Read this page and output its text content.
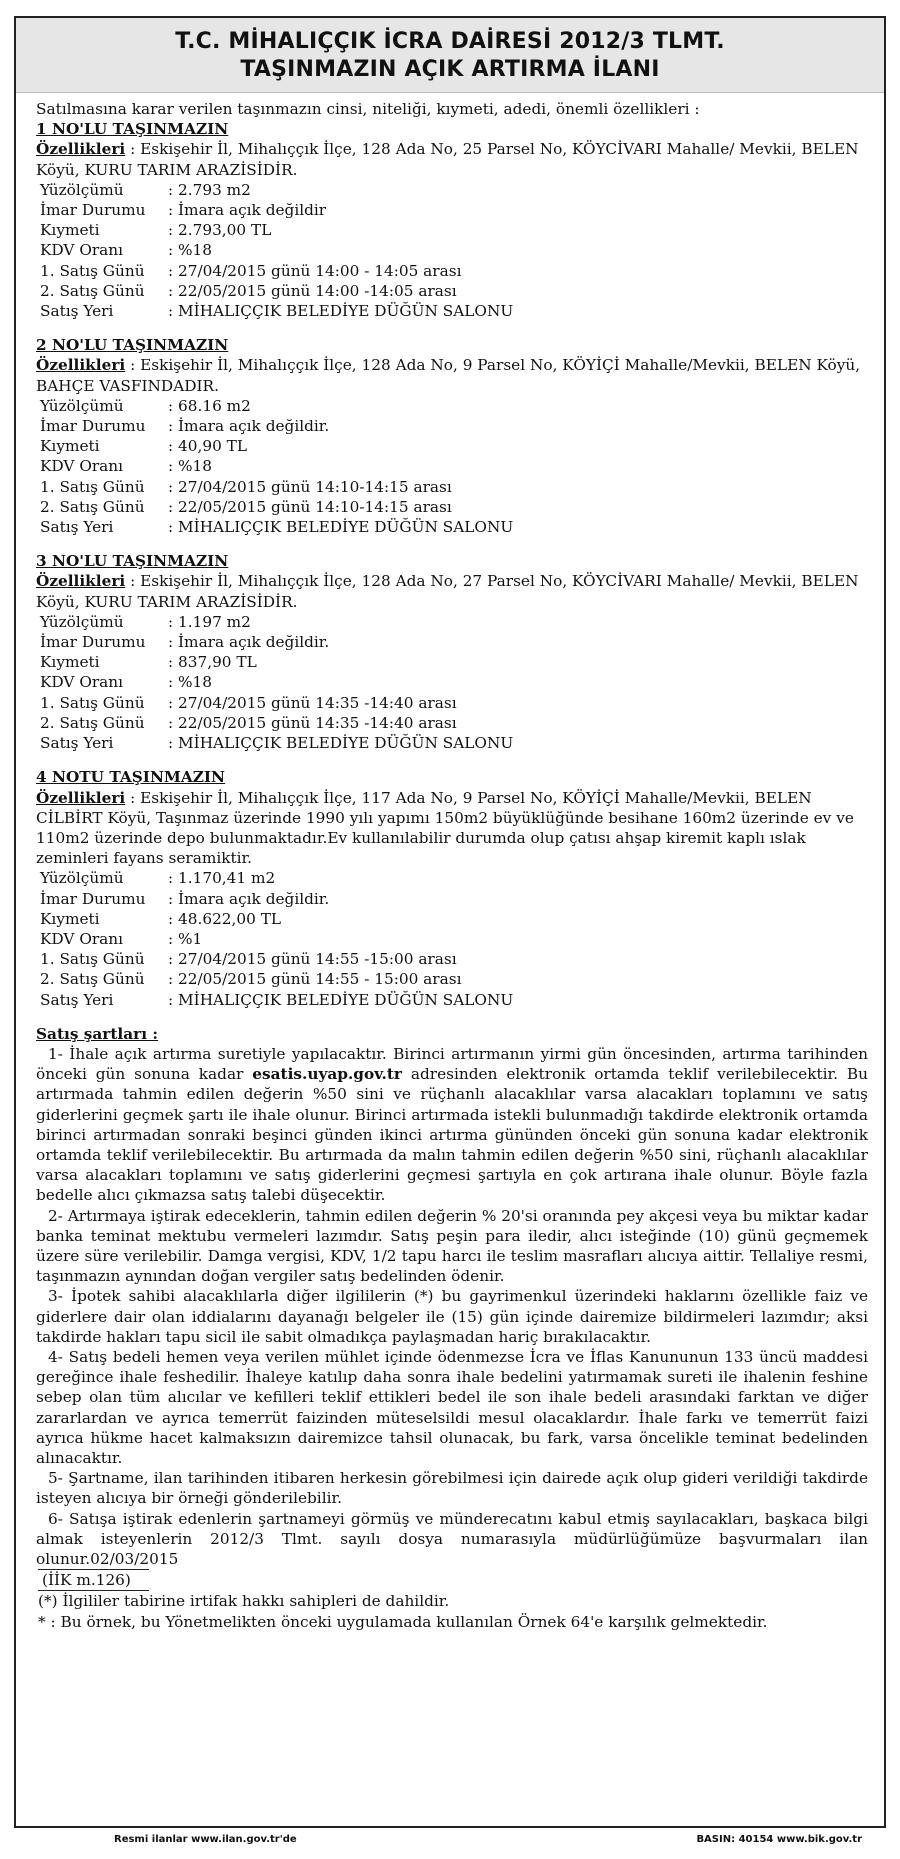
T.C. MİHALIÇÇIK İCRA DAİRESİ 2012/3 TLMT.
TAŞINMAZIN AÇIK ARTIRMA İLANI

Satılmasına karar verilen taşınmazın cinsi, niteliği, kıymeti, adedi, önemli özellikleri :

1 NO'LU TAŞINMAZIN

Özellikleri : Eskişehir İl, Mihalıççık İlçe, 128 Ada No, 25 Parsel No, KÖYCİVARI Mahalle/ Mevkii, BELEN Köyü, KURU TARIM ARAZİSİDİR.

Yüzölçümü	: 2.793 m2
İmar Durumu	: İmara açık değildir
Kıymeti	: 2.793,00 TL
KDV Oranı	: %18
1. Satış Günü	: 27/04/2015 günü 14:00 - 14:05 arası
2. Satış Günü	: 22/05/2015 günü 14:00 -14:05 arası
Satış Yeri	: MİHALIÇÇIK BELEDİYE DÜĞÜN SALONU
2 NO'LU TAŞINMAZIN

Özellikleri : Eskişehir İl, Mihalıççık İlçe, 128 Ada No, 9 Parsel No, KÖYİÇİ Mahalle/Mevkii, BELEN Köyü, BAHÇE VASFINDADIR.

Yüzölçümü	: 68.16 m2
İmar Durumu	: İmara açık değildir.
Kıymeti	: 40,90 TL
KDV Oranı	: %18
1. Satış Günü	: 27/04/2015 günü 14:10-14:15 arası
2. Satış Günü	: 22/05/2015 günü 14:10-14:15 arası
Satış Yeri	: MİHALIÇÇIK BELEDİYE DÜĞÜN SALONU
3 NO'LU TAŞINMAZIN

Özellikleri : Eskişehir İl, Mihalıççık İlçe, 128 Ada No, 27 Parsel No, KÖYCİVARI Mahalle/ Mevkii, BELEN Köyü, KURU TARIM ARAZİSİDİR.

Yüzölçümü	: 1.197 m2
İmar Durumu	: İmara açık değildir.
Kıymeti	: 837,90 TL
KDV Oranı	: %18
1. Satış Günü	: 27/04/2015 günü 14:35 -14:40 arası
2. Satış Günü	: 22/05/2015 günü 14:35 -14:40 arası
Satış Yeri	: MİHALIÇÇIK BELEDİYE DÜĞÜN SALONU
4 NOTU TAŞINMAZIN

Özellikleri : Eskişehir İl, Mihalıççık İlçe, 117 Ada No, 9 Parsel No, KÖYİÇİ Mahalle/Mevkii, BELEN CİLBİRT Köyü, Taşınmaz üzerinde 1990 yılı yapımı 150m2 büyüklüğünde besihane 160m2 üzerinde ev ve 110m2 üzerinde depo bulunmaktadır.Ev kullanılabilir durumda olup çatısı ahşap kiremit kaplı ıslak zeminleri fayans seramiktir.

Yüzölçümü	: 1.170,41 m2
İmar Durumu	: İmara açık değildir.
Kıymeti	: 48.622,00 TL
KDV Oranı	: %1
1. Satış Günü	: 27/04/2015 günü 14:55 -15:00 arası
2. Satış Günü	: 22/05/2015 günü 14:55 - 15:00 arası
Satış Yeri	: MİHALIÇÇIK BELEDİYE DÜĞÜN SALONU
Satış şartları :

1- İhale açık artırma suretiyle yapılacaktır. Birinci artırmanın yirmi gün öncesinden, artırma tarihinden önceki gün sonuna kadar esatis.uyap.gov.tr adresinden elektronik ortamda teklif verilebilecektir. Bu artırmada tahmin edilen değerin %50 sini ve rüçhanlı alacaklılar varsa alacakları toplamını ve satış giderlerini geçmek şartı ile ihale olunur. Birinci artırmada istekli bulunmadığı takdirde elektronik ortamda birinci artırmadan sonraki beşinci günden ikinci artırma gününden önceki gün sonuna kadar elektronik ortamda teklif verilebilecektir. Bu artırmada da malın tahmin edilen değerin %50 sini, rüçhanlı alacaklılar varsa alacakları toplamını ve satış giderlerini geçmesi şartıyla en çok artırana ihale olunur. Böyle fazla bedelle alıcı çıkmazsa satış talebi düşecektir.

2- Artırmaya iştirak edeceklerin, tahmin edilen değerin % 20'si oranında pey akçesi veya bu miktar kadar banka teminat mektubu vermeleri lazımdır. Satış peşin para iledir, alıcı isteğinde (10) günü geçmemek üzere süre verilebilir. Damga vergisi, KDV, 1/2 tapu harcı ile teslim masrafları alıcıya aittir. Tellaliye resmi, taşınmazın aynından doğan vergiler satış bedelinden ödenir.

3- İpotek sahibi alacaklılarla diğer ilgililerin (*) bu gayrimenkul üzerindeki haklarını özellikle faiz ve giderlere dair olan iddialarını dayanağı belgeler ile (15) gün içinde dairemize bildirmeleri lazımdır; aksi takdirde hakları tapu sicil ile sabit olmadıkça paylaşmadan hariç bırakılacaktır.

4- Satış bedeli hemen veya verilen mühlet içinde ödenmezse İcra ve İflas Kanununun 133 üncü maddesi gereğince ihale feshedilir. İhaleye katılıp daha sonra ihale bedelini yatırmamak sureti ile ihalenin feshine sebep olan tüm alıcılar ve kefilleri teklif ettikleri bedel ile son ihale bedeli arasındaki farktan ve diğer zararlardan ve ayrıca temerrüt faizinden müteselsildi mesul olacaklardır. İhale farkı ve temerrüt faizi ayrıca hükme hacet kalmaksızın dairemizce tahsil olunacak, bu fark, varsa öncelikle teminat bedelinden alınacaktır.

5- Şartname, ilan tarihinden itibaren herkesin görebilmesi için dairede açık olup gideri verildiği takdirde isteyen alıcıya bir örneği gönderilebilir.

6- Satışa iştirak edenlerin şartnameyi görmüş ve münderecatını kabul etmiş sayılacakları, başkaca bilgi almak isteyenlerin 2012/3 Tlmt. sayılı dosya numarasıyla müdürlüğümüze başvurmaları ilan olunur.02/03/2015

(İİK m.126)

(*) İlgililer tabirine irtifak hakkı sahipleri de dahildir.

* : Bu örnek, bu Yönetmelikten önceki uygulamada kullanılan Örnek 64'e karşılık gelmektedir.

Resmi ilanlar www.ilan.gov.tr'de	BASIN: 40154 www.bik.gov.tr
